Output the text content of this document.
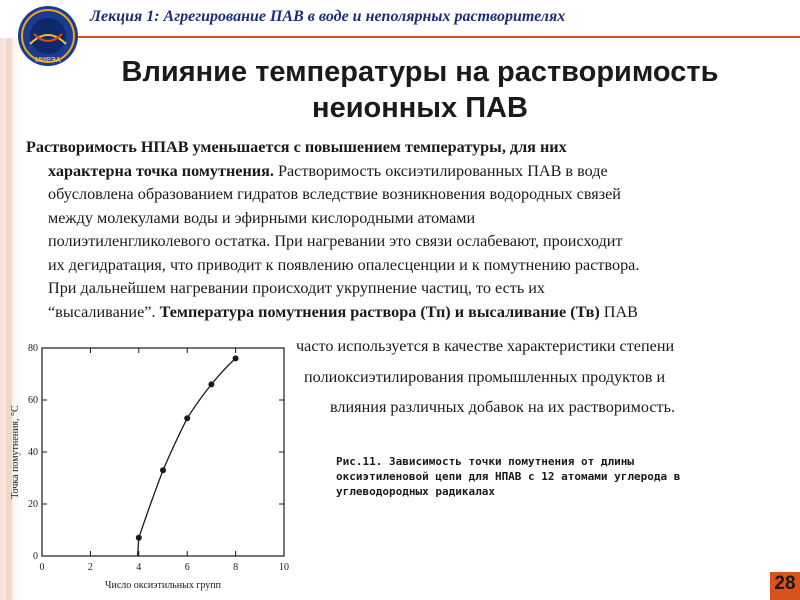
МИРЭА
Лекция 1: Агрегирование ПАВ в воде и неполярных растворителях
Влияние температуры на растворимость
неионных ПАВ
Растворимость НПАВ уменьшается с повышением температуры, для них
характерна точка помутнения. Растворимость оксиэтилированных ПАВ в воде
обусловлена образованием гидратов вследствие возникновения водородных связей
между молекулами воды и эфирными кислородными атомами
полиэтиленгликолевого остатка. При нагревании это связи ослабевают, происходит
их дегидратация, что приводит к появлению опалесценции и к помутнению раствора.
При дальнейшем нагревании происходит укрупнение частиц, то есть их
“высаливание”. Температура помутнения раствора (Тп) и высаливание (Тв) ПАВ
часто используется в качестве характеристики степени
полиоксиэтилирования промышленных продуктов и
влияния различных добавок на их растворимость.
0	2	4	6	8	10
0
20
40
60
80
Число оксиэтильных групп
Точка помутнения, °С	Рис.11. Зависимость точки помутнения от длины
оксиэтиленовой цепи для НПАВ с 12 атомами углерода в
углеводородных радикалах
28
